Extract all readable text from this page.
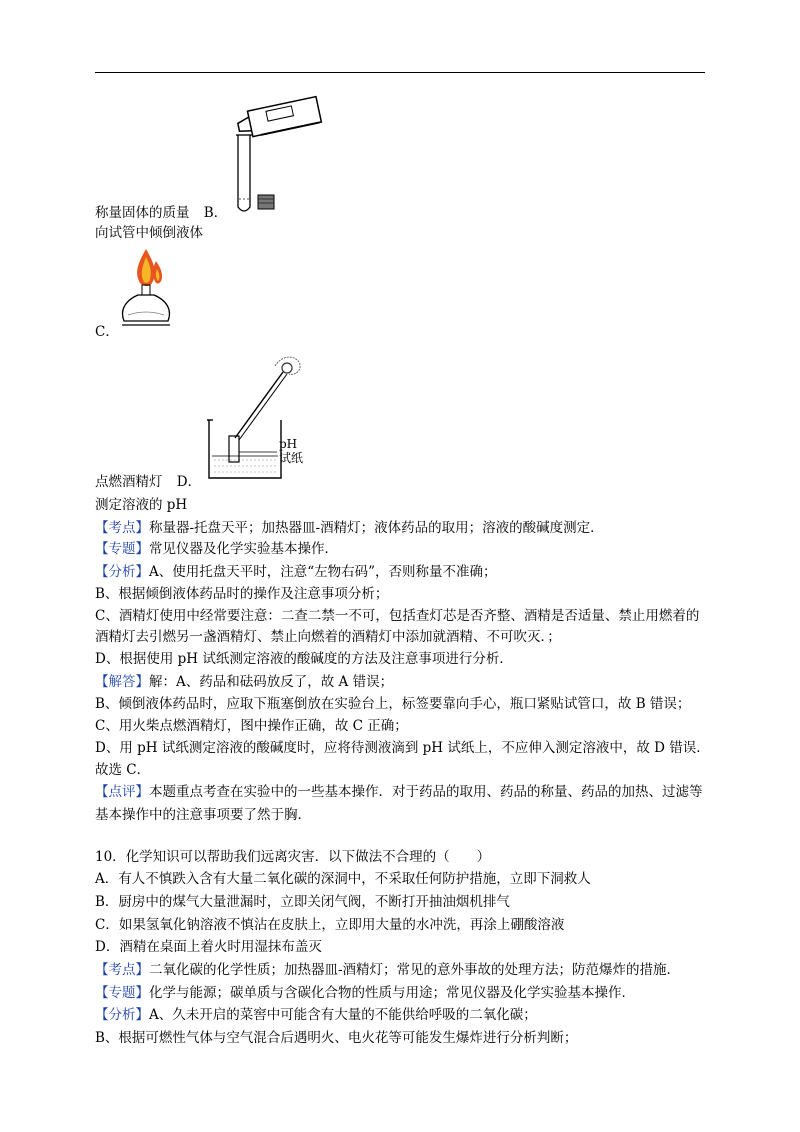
称量固体的质量 B．
向试管中倾倒液体
C．
pH
试纸
点燃酒精灯 D．
测定溶液的 pH
【考点】称量器-托盘天平；加热器皿-酒精灯；液体药品的取用；溶液的酸碱度测定．
【专题】常见仪器及化学实验基本操作．
【分析】A、使用托盘天平时，注意“左物右码”，否则称量不准确；
B、根据倾倒液体药品时的操作及注意事项分析；
C、酒精灯使用中经常要注意：二查二禁一不可，包括查灯芯是否齐整、酒精是否适量、禁止用燃着的
酒精灯去引燃另一盏酒精灯、禁止向燃着的酒精灯中添加就酒精、不可吹灭．；
D、根据使用 pH 试纸测定溶液的酸碱度的方法及注意事项进行分析．
【解答】解：A、药品和砝码放反了，故 A 错误；
B、倾倒液体药品时，应取下瓶塞倒放在实验台上，标签要靠向手心，瓶口紧贴试管口，故 B 错误；
C、用火柴点燃酒精灯，图中操作正确，故 C 正确；
D、用 pH 试纸测定溶液的酸碱度时，应将待测液滴到 pH 试纸上，不应伸入测定溶液中，故 D 错误．
故选 C．
【点评】本题重点考查在实验中的一些基本操作．对于药品的取用、药品的称量、药品的加热、过滤等
基本操作中的注意事项要了然于胸．
10．化学知识可以帮助我们远离灾害．以下做法不合理的（　　）
A．有人不慎跌入含有大量二氧化碳的深洞中，不采取任何防护措施，立即下洞救人
B．厨房中的煤气大量泄漏时，立即关闭气阀，不断打开抽油烟机排气
C．如果氢氧化钠溶液不慎沾在皮肤上，立即用大量的水冲洗，再涂上硼酸溶液
D．酒精在桌面上着火时用湿抹布盖灭
【考点】二氧化碳的化学性质；加热器皿-酒精灯；常见的意外事故的处理方法；防范爆炸的措施．
【专题】化学与能源；碳单质与含碳化合物的性质与用途；常见仪器及化学实验基本操作．
【分析】A、久未开启的菜窖中可能含有大量的不能供给呼吸的二氧化碳；
B、根据可燃性气体与空气混合后遇明火、电火花等可能发生爆炸进行分析判断；
